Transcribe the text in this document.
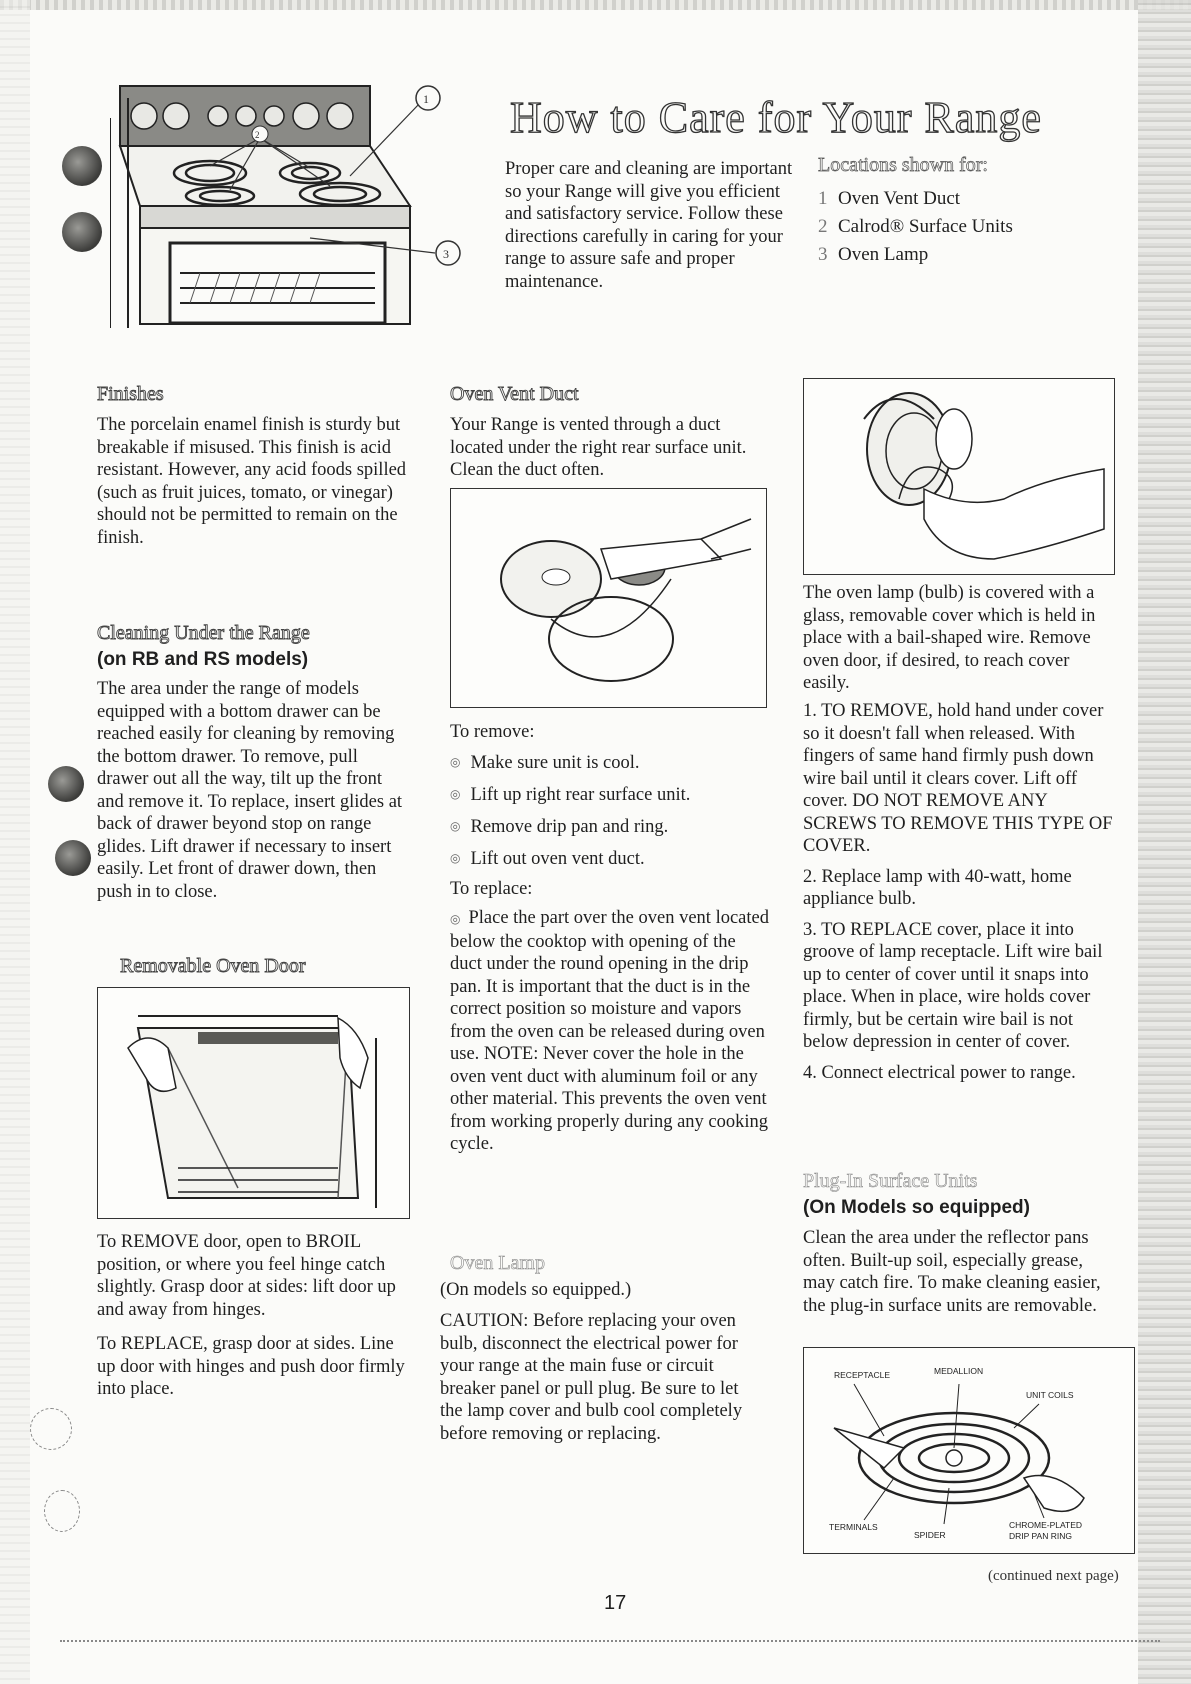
2
1
3
How to Care for Your Range
Proper care and cleaning are important so your Range will give you efficient and satisfactory service. Follow these directions carefully in caring for your range to assure safe and proper maintenance.
Locations shown for:
1 Oven Vent Duct
2 Calrod® Surface Units
3 Oven Lamp
Finishes
The porcelain enamel finish is sturdy but breakable if misused. This finish is acid resistant. However, any acid foods spilled (such as fruit juices, tomato, or vinegar) should not be permitted to remain on the finish.
Cleaning Under the Range
(on RB and RS models)
The area under the range of models equipped with a bottom drawer can be reached easily for cleaning by removing the bottom drawer. To remove, pull drawer out all the way, tilt up the front and remove it. To replace, insert glides at back of drawer beyond stop on range glides. Lift drawer if necessary to insert easily. Let front of drawer down, then push in to close.
Removable Oven Door
To REMOVE door, open to BROIL position, or where you feel hinge catch slightly. Grasp door at sides: lift door up and away from hinges.
To REPLACE, grasp door at sides. Line up door with hinges and push door firmly into place.
Oven Vent Duct
Your Range is vented through a duct located under the right rear surface unit. Clean the duct often.
To remove:
◎ Make sure unit is cool.
◎ Lift up right rear surface unit.
◎ Remove drip pan and ring.
◎ Lift out oven vent duct.
To replace:
◎ Place the part over the oven vent located below the cooktop with opening of the duct under the round opening in the drip pan. It is important that the duct is in the correct position so moisture and vapors from the oven can be released during oven use. NOTE: Never cover the hole in the oven vent duct with aluminum foil or any other material. This prevents the oven vent from working properly during any cooking cycle.
Oven Lamp
(On models so equipped.)
CAUTION: Before replacing your oven bulb, disconnect the electrical power for your range at the main fuse or circuit breaker panel or pull plug. Be sure to let the lamp cover and bulb cool completely before removing or replacing.
The oven lamp (bulb) is covered with a glass, removable cover which is held in place with a bail-shaped wire. Remove oven door, if desired, to reach cover easily.

1. TO REMOVE, hold hand under cover so it doesn't fall when released. With fingers of same hand firmly push down wire bail until it clears cover. Lift off cover. DO NOT REMOVE ANY SCREWS TO REMOVE THIS TYPE OF COVER.

2. Replace lamp with 40-watt, home appliance bulb.

3. TO REPLACE cover, place it into groove of lamp receptacle. Lift wire bail up to center of cover until it snaps into place. When in place, wire holds cover firmly, but be certain wire bail is not below depression in center of cover.

4. Connect electrical power to range.

Plug-In Surface Units
(On Models so equipped)
Clean the area under the reflector pans often. Built-up soil, especially grease, may catch fire. To make cleaning easier, the plug-in surface units are removable.
RECEPTACLE	MEDALLION
UNIT COILS
TERMINALS
SPIDER
CHROME-PLATED
DRIP PAN RING
(continued next page)
17
